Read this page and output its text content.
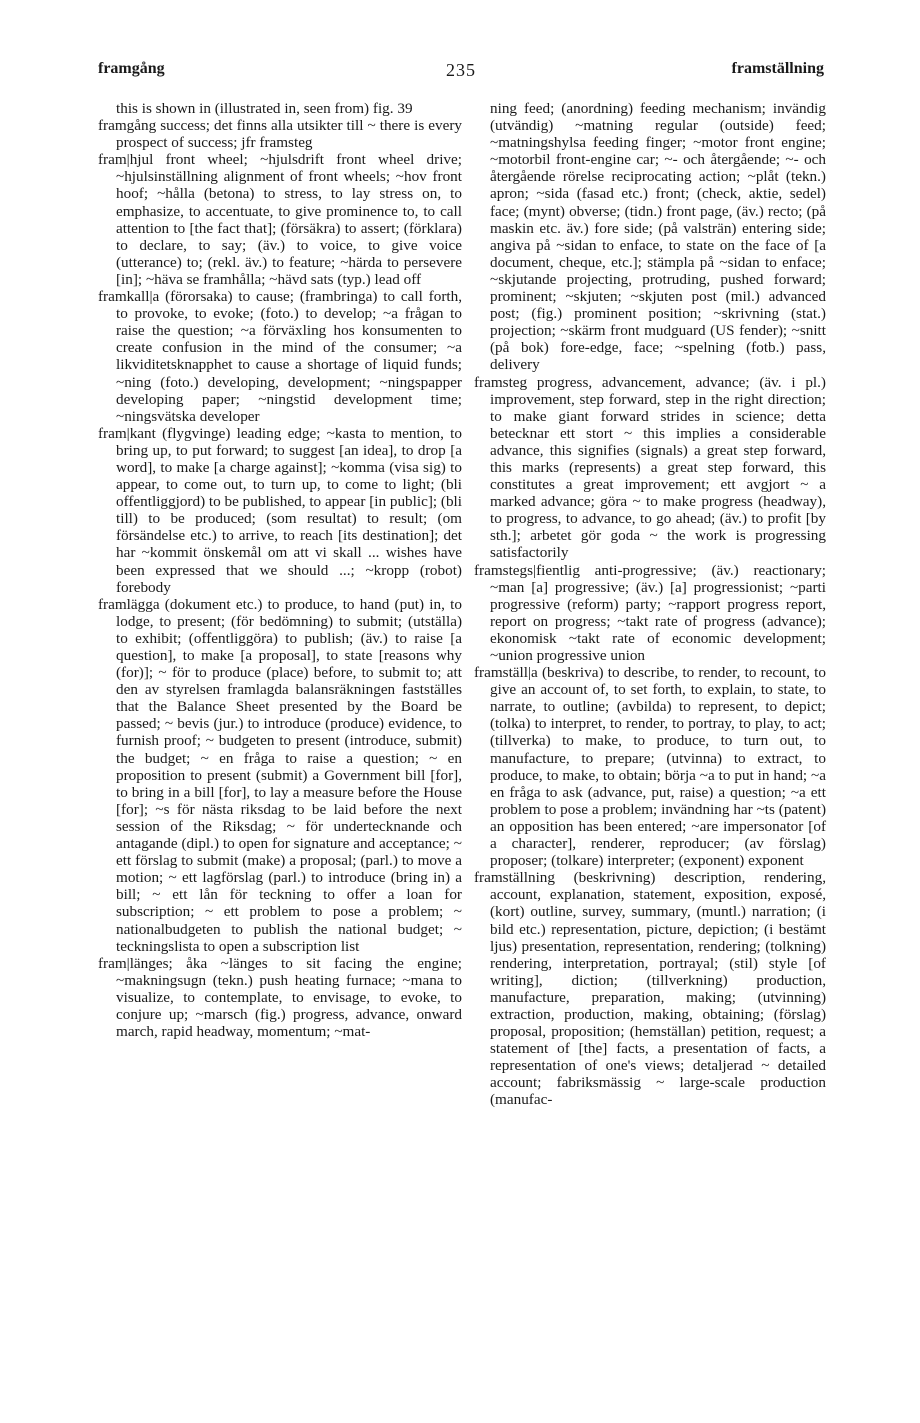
framgång	235	framställning

this is shown in (illustrated in, seen from) fig. 39

framgång success; det finns alla utsikter till ~ there is every prospect of success; jfr framsteg

fram|hjul front wheel; ~hjulsdrift front wheel drive; ~hjulsinställning alignment of front wheels; ~hov front hoof; ~hålla (betona) to stress, to lay stress on, to emphasize, to accentuate, to give prominence to, to call attention to [the fact that]; (försäkra) to assert; (förklara) to declare, to say; (äv.) to voice, to give voice (utterance) to; (rekl. äv.) to feature; ~härda to persevere [in]; ~häva se framhålla; ~hävd sats (typ.) lead off

framkall|a (förorsaka) to cause; (frambringa) to call forth, to provoke, to evoke; (foto.) to develop; ~a frågan to raise the question; ~a förväxling hos konsumenten to create confusion in the mind of the consumer; ~a likviditetsknapphet to cause a shortage of liquid funds; ~ning (foto.) developing, development; ~ningspapper developing paper; ~ningstid development time; ~ningsvätska developer

fram|kant (flygvinge) leading edge; ~kasta to mention, to bring up, to put forward; to suggest [an idea], to drop [a word], to make [a charge against]; ~komma (visa sig) to appear, to come out, to turn up, to come to light; (bli offentliggjord) to be published, to appear [in public]; (bli till) to be produced; (som resultat) to result; (om försändelse etc.) to arrive, to reach [its destination]; det har ~kommit önskemål om att vi skall ... wishes have been expressed that we should ...; ~kropp (robot) forebody

framlägga (dokument etc.) to produce, to hand (put) in, to lodge, to present; (för bedömning) to submit; (utställa) to exhibit; (offentliggöra) to publish; (äv.) to raise [a question], to make [a proposal], to state [reasons why (for)]; ~ för to produce (place) before, to submit to; att den av styrelsen framlagda balansräkningen fastställes that the Balance Sheet presented by the Board be passed; ~ bevis (jur.) to introduce (produce) evidence, to furnish proof; ~ budgeten to present (introduce, submit) the budget; ~ en fråga to raise a question; ~ en proposition to present (submit) a Government bill [for], to bring in a bill [for], to lay a measure before the House [for]; ~s för nästa riksdag to be laid before the next session of the Riksdag; ~ för undertecknande och antagande (dipl.) to open for signature and acceptance; ~ ett förslag to submit (make) a proposal; (parl.) to move a motion; ~ ett lagförslag (parl.) to introduce (bring in) a bill; ~ ett lån för teckning to offer a loan for subscription; ~ ett problem to pose a problem; ~ nationalbudgeten to publish the national budget; ~ teckningslista to open a subscription list

fram|länges; åka ~länges to sit facing the engine; ~makningsugn (tekn.) push heating furnace; ~mana to visualize, to contemplate, to envisage, to evoke, to conjure up; ~marsch (fig.) progress, advance, onward march, rapid headway, momentum; ~mat-

ning feed; (anordning) feeding mechanism; invändig (utvändig) ~matning regular (outside) feed; ~matningshylsa feeding finger; ~motor front engine; ~motorbil front-engine car; ~- och återgående; ~- och återgående rörelse reciprocating action; ~plåt (tekn.) apron; ~sida (fasad etc.) front; (check, aktie, sedel) face; (mynt) obverse; (tidn.) front page, (äv.) recto; (på maskin etc. äv.) fore side; (på valsträn) entering side; angiva på ~sidan to enface, to state on the face of [a document, cheque, etc.]; stämpla på ~sidan to enface; ~skjutande projecting, protruding, pushed forward; prominent; ~skjuten; ~skjuten post (mil.) advanced post; (fig.) prominent position; ~skrivning (stat.) projection; ~skärm front mudguard (US fender); ~snitt (på bok) fore-edge, face; ~spelning (fotb.) pass, delivery

framsteg progress, advancement, advance; (äv. i pl.) improvement, step forward, step in the right direction; to make giant forward strides in science; detta betecknar ett stort ~ this implies a considerable advance, this signifies (signals) a great step forward, this marks (represents) a great step forward, this constitutes a great improvement; ett avgjort ~ a marked advance; göra ~ to make progress (headway), to progress, to advance, to go ahead; (äv.) to profit [by sth.]; arbetet gör goda ~ the work is progressing satisfactorily

framstegs|fientlig anti-progressive; (äv.) reactionary; ~man [a] progressive; (äv.) [a] progressionist; ~parti progressive (reform) party; ~rapport progress report, report on progress; ~takt rate of progress (advance); ekonomisk ~takt rate of economic development; ~union progressive union

framställ|a (beskriva) to describe, to render, to recount, to give an account of, to set forth, to explain, to state, to narrate, to outline; (avbilda) to represent, to depict; (tolka) to interpret, to render, to portray, to play, to act; (tillverka) to make, to produce, to turn out, to manufacture, to prepare; (utvinna) to extract, to produce, to make, to obtain; börja ~a to put in hand; ~a en fråga to ask (advance, put, raise) a question; ~a ett problem to pose a problem; invändning har ~ts (patent) an opposition has been entered; ~are impersonator [of a character], renderer, reproducer; (av förslag) proposer; (tolkare) interpreter; (exponent) exponent

framställning (beskrivning) description, rendering, account, explanation, statement, exposition, exposé, (kort) outline, survey, summary, (muntl.) narration; (i bild etc.) representation, picture, depiction; (i bestämt ljus) presentation, representation, rendering; (tolkning) rendering, interpretation, portrayal; (stil) style [of writing], diction; (tillverkning) production, manufacture, preparation, making; (utvinning) extraction, production, making, obtaining; (förslag) proposal, proposition; (hemställan) petition, request; a statement of [the] facts, a presentation of facts, a representation of one's views; detaljerad ~ detailed account; fabriksmässig ~ large-scale production (manufac-
